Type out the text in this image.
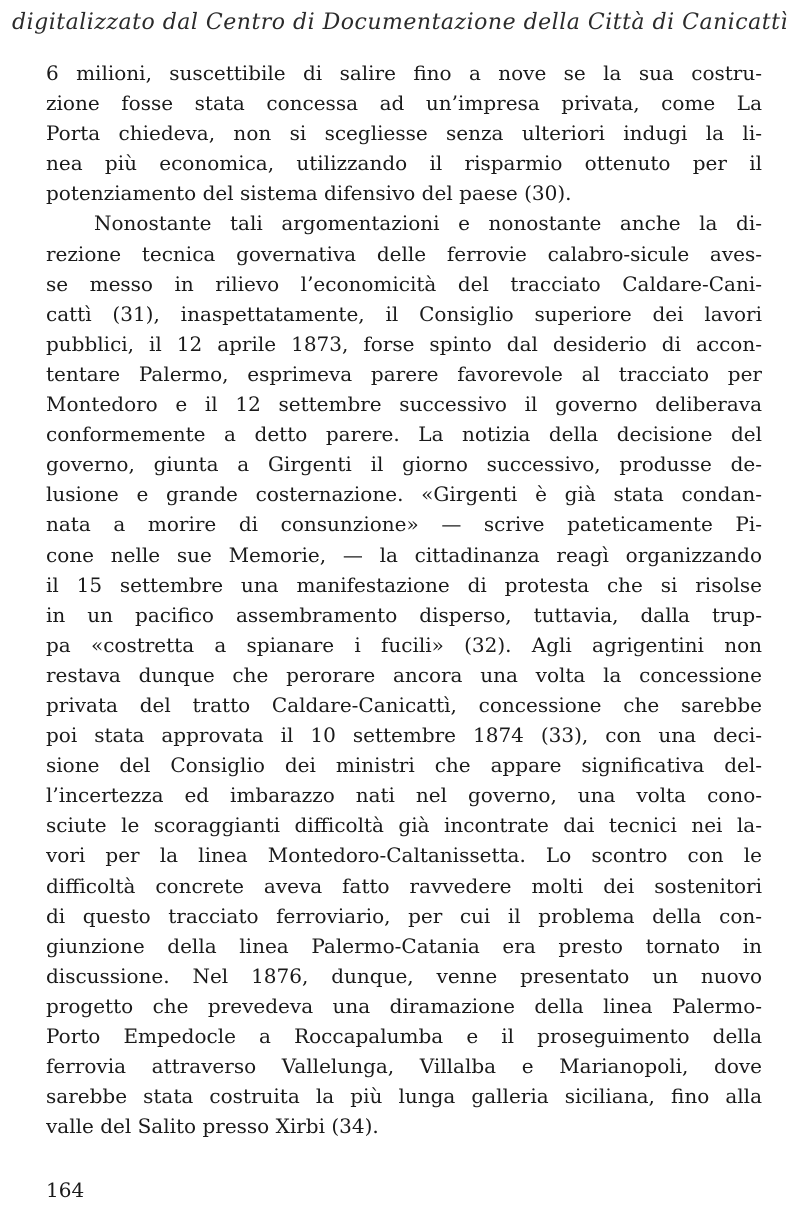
digitalizzato dal Centro di Documentazione della Città di Canicattì
6 milioni, suscettibile di salire fino a nove se la sua costru-
zione fosse stata concessa ad un’impresa privata, come La
Porta chiedeva, non si scegliesse senza ulteriori indugi la li-
nea più economica, utilizzando il risparmio ottenuto per il
potenziamento del sistema difensivo del paese (30).
Nonostante tali argomentazioni e nonostante anche la di-
rezione tecnica governativa delle ferrovie calabro-sicule aves-
se messo in rilievo l’economicità del tracciato Caldare-Cani-
cattì (31), inaspettatamente, il Consiglio superiore dei lavori
pubblici, il 12 aprile 1873, forse spinto dal desiderio di accon-
tentare Palermo, esprimeva parere favorevole al tracciato per
Montedoro e il 12 settembre successivo il governo deliberava
conformemente a detto parere. La notizia della decisione del
governo, giunta a Girgenti il giorno successivo, produsse de-
lusione e grande costernazione. «Girgenti è già stata condan-
nata a morire di consunzione» — scrive pateticamente Pi-
cone nelle sue Memorie, — la cittadinanza reagì organizzando
il 15 settembre una manifestazione di protesta che si risolse
in un pacifico assembramento disperso, tuttavia, dalla trup-
pa «costretta a spianare i fucili» (32). Agli agrigentini non
restava dunque che perorare ancora una volta la concessione
privata del tratto Caldare-Canicattì, concessione che sarebbe
poi stata approvata il 10 settembre 1874 (33), con una deci-
sione del Consiglio dei ministri che appare significativa del-
l’incertezza ed imbarazzo nati nel governo, una volta cono-
sciute le scoraggianti difficoltà già incontrate dai tecnici nei la-
vori per la linea Montedoro-Caltanissetta. Lo scontro con le
difficoltà concrete aveva fatto ravvedere molti dei sostenitori
di questo tracciato ferroviario, per cui il problema della con-
giunzione della linea Palermo-Catania era presto tornato in
discussione. Nel 1876, dunque, venne presentato un nuovo
progetto che prevedeva una diramazione della linea Palermo-
Porto Empedocle a Roccapalumba e il proseguimento della
ferrovia attraverso Vallelunga, Villalba e Marianopoli, dove
sarebbe stata costruita la più lunga galleria siciliana, fino alla
valle del Salito presso Xirbi (34).
164
